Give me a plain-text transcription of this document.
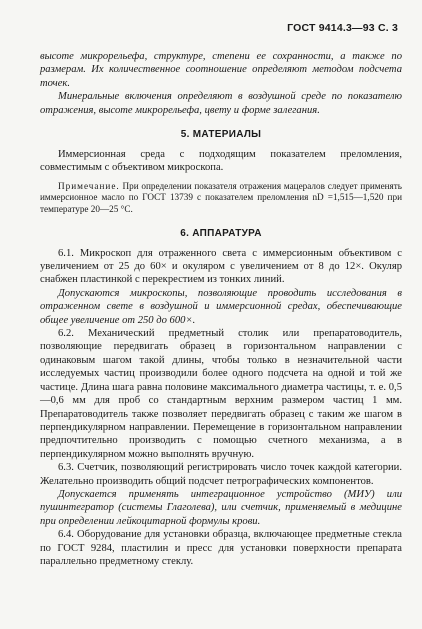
ГОСТ 9414.3—93 С. 3

высоте микрорельефа, структуре, степени ее сохранности, а также по размерам. Их количественное соотношение определяют методом подсчета точек.

Минеральные включения определяют в воздушной среде по показателю отражения, высоте микрорельефа, цвету и форме залегания.

5. МАТЕРИАЛЫ

Иммерсионная среда с подходящим показателем преломления, совместимым с объективом микроскопа.

Примечание. При определении показателя отражения мацералов следует применять иммерсионное масло по ГОСТ 13739 с показателем преломления nD =1,515—1,520 при температуре 20—25 °С.
6. АППАРАТУРА

6.1. Микроскоп для отраженного света с иммерсионным объективом с увеличением от 25 до 60× и окуляром с увеличением от 8 до 12×. Окуляр снабжен пластинкой с перекрестием из тонких линий.

Допускаются микроскопы, позволяющие проводить исследования в отраженном свете в воздушной и иммерсионной средах, обеспечивающие общее увеличение от 250 до 600×.

6.2. Механический предметный столик или препаратоводитель, позволяющие передвигать образец в горизонтальном направлении с одинаковым шагом такой длины, чтобы только в незначительной части исследуемых частиц производили более одного подсчета на одной и той же частице. Длина шага равна половине максимального диаметра частицы, т. е. 0,5—0,6 мм для проб со стандартным верхним размером частиц 1 мм. Препаратоводитель также позволяет передвигать образец с таким же шагом в перпендикулярном направлении. Перемещение в горизонтальном направлении предпочтительно производить с помощью счетного механизма, а в перпендикулярном можно выполнять вручную.

6.3. Счетчик, позволяющий регистрировать число точек каждой категории. Желательно производить общий подсчет петрографических компонентов.

Допускается применять интеграционное устройство (МИУ) или пушинтегратор (системы Глаголева), или счетчик, применяемый в медицине при определении лейкоцитарной формулы крови.

6.4. Оборудование для установки образца, включающее предметные стекла по ГОСТ 9284, пластилин и пресс для установки поверхности препарата параллельно предметному стеклу.
